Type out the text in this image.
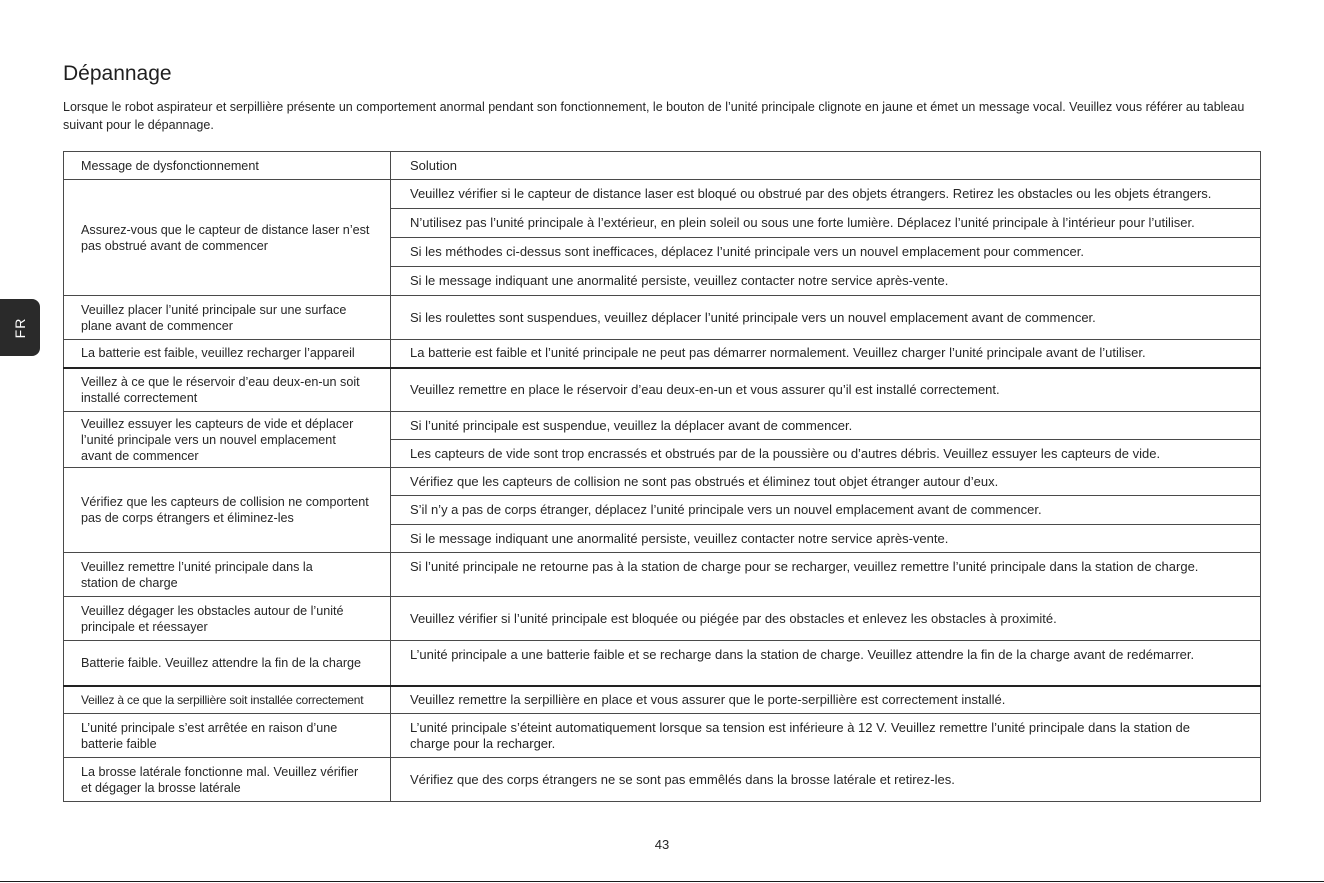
Dépannage

Lorsque le robot aspirateur et serpillière présente un comportement anormal pendant son fonctionnement, le bouton de l’unité principale clignote en jaune et émet un message vocal. Veuillez vous référer au tableau
suivant pour le dépannage.

FR
Message de dysfonctionnement	Solution
Assurez-vous que le capteur de distance laser n’est
pas obstrué avant de commencer	Veuillez vérifier si le capteur de distance laser est bloqué ou obstrué par des objets étrangers. Retirez les obstacles ou les objets étrangers.
	N’utilisez pas l’unité principale à l’extérieur, en plein soleil ou sous une forte lumière. Déplacez l’unité principale à l’intérieur pour l’utiliser.
	Si les méthodes ci-dessus sont inefficaces, déplacez l’unité principale vers un nouvel emplacement pour commencer.
	Si le message indiquant une anormalité persiste, veuillez contacter notre service après-vente.
Veuillez placer l’unité principale sur une surface
plane avant de commencer	Si les roulettes sont suspendues, veuillez déplacer l’unité principale vers un nouvel emplacement avant de commencer.
La batterie est faible, veuillez recharger l’appareil	La batterie est faible et l’unité principale ne peut pas démarrer normalement. Veuillez charger l’unité principale avant de l’utiliser.
Veillez à ce que le réservoir d’eau deux-en-un soit
installé correctement	Veuillez remettre en place le réservoir d’eau deux-en-un et vous assurer qu’il est installé correctement.
Veuillez essuyer les capteurs de vide et déplacer
l’unité principale vers un nouvel emplacement
avant de commencer	Si l’unité principale est suspendue, veuillez la déplacer avant de commencer.
	Les capteurs de vide sont trop encrassés et obstrués par de la poussière ou d’autres débris. Veuillez essuyer les capteurs de vide.
Vérifiez que les capteurs de collision ne comportent
pas de corps étrangers et éliminez-les	Vérifiez que les capteurs de collision ne sont pas obstrués et éliminez tout objet étranger autour d’eux.
	S’il n’y a pas de corps étranger, déplacez l’unité principale vers un nouvel emplacement avant de commencer.
	Si le message indiquant une anormalité persiste, veuillez contacter notre service après-vente.
Veuillez remettre l’unité principale dans la
station de charge	Si l’unité principale ne retourne pas à la station de charge pour se recharger, veuillez remettre l’unité principale dans la station de charge.
Veuillez dégager les obstacles autour de l’unité
principale et réessayer	Veuillez vérifier si l’unité principale est bloquée ou piégée par des obstacles et enlevez les obstacles à proximité.
Batterie faible. Veuillez attendre la fin de la charge	L’unité principale a une batterie faible et se recharge dans la station de charge. Veuillez attendre la fin de la charge avant de redémarrer.
Veillez à ce que la serpillière soit installée correctement	Veuillez remettre la serpillière en place et vous assurer que le porte-serpillière est correctement installé.
L’unité principale s’est arrêtée en raison d’une
batterie faible	L’unité principale s’éteint automatiquement lorsque sa tension est inférieure à 12 V. Veuillez remettre l’unité principale dans la station de
charge pour la recharger.
La brosse latérale fonctionne mal. Veuillez vérifier
et dégager la brosse latérale	Vérifiez que des corps étrangers ne se sont pas emmêlés dans la brosse latérale et retirez-les.
43
